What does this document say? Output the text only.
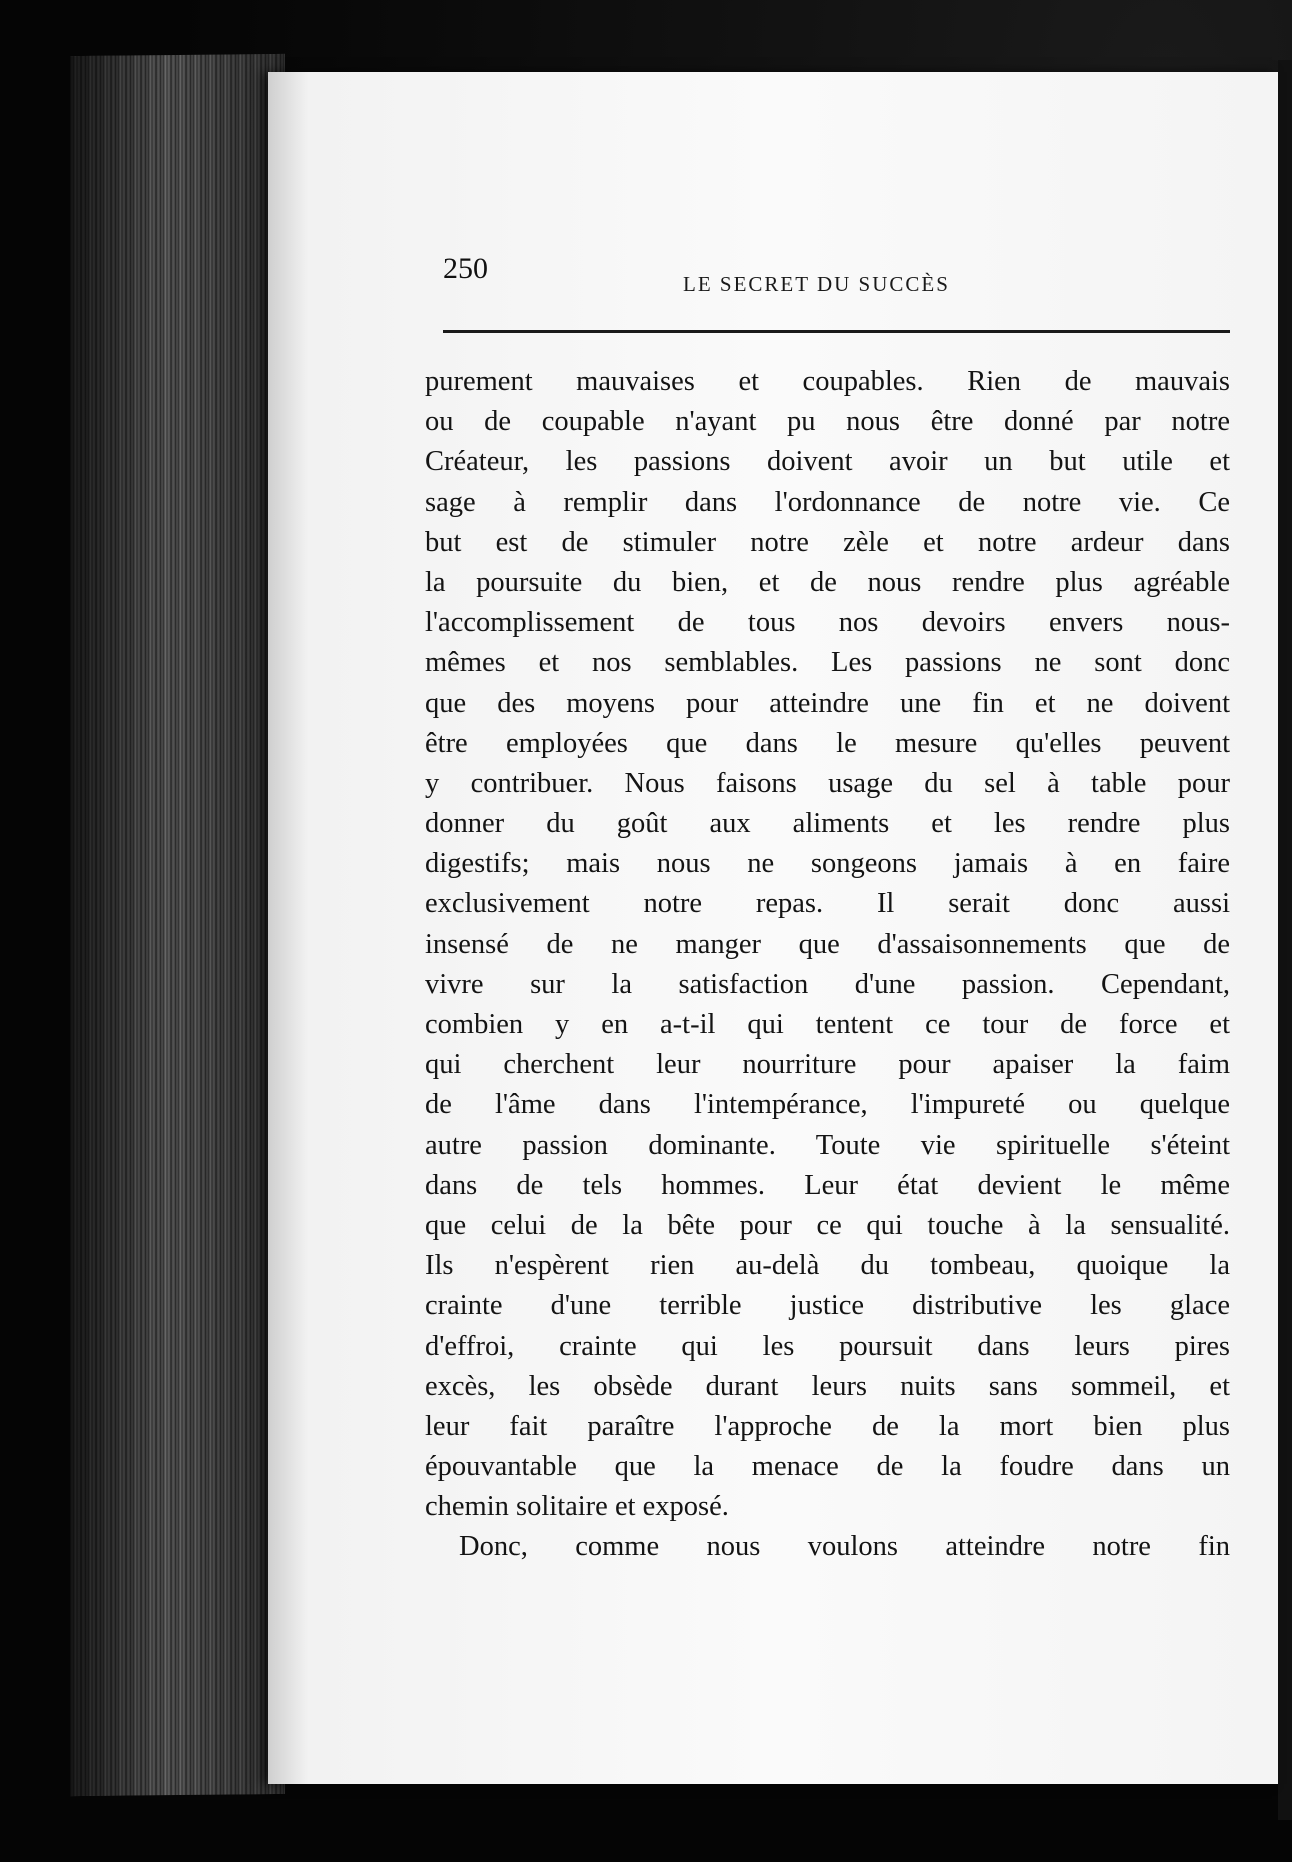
250	LE SECRET DU SUCCÈS
purement mauvaises et coupables. Rien de mauvais
ou de coupable n'ayant pu nous être donné par notre
Créateur, les passions doivent avoir un but utile et
sage à remplir dans l'ordonnance de notre vie. Ce
but est de stimuler notre zèle et notre ardeur dans
la poursuite du bien, et de nous rendre plus agréable
l'accomplissement de tous nos devoirs envers nous-
mêmes et nos semblables. Les passions ne sont donc
que des moyens pour atteindre une fin et ne doivent
être employées que dans le mesure qu'elles peuvent
y contribuer. Nous faisons usage du sel à table pour
donner du goût aux aliments et les rendre plus
digestifs; mais nous ne songeons jamais à en faire
exclusivement notre repas. Il serait donc aussi
insensé de ne manger que d'assaisonnements que de
vivre sur la satisfaction d'une passion. Cependant,
combien y en a-t-il qui tentent ce tour de force et
qui cherchent leur nourriture pour apaiser la faim
de l'âme dans l'intempérance, l'impureté ou quelque
autre passion dominante. Toute vie spirituelle s'éteint
dans de tels hommes. Leur état devient le même
que celui de la bête pour ce qui touche à la sensualité.
Ils n'espèrent rien au-delà du tombeau, quoique la
crainte d'une terrible justice distributive les glace
d'effroi, crainte qui les poursuit dans leurs pires
excès, les obsède durant leurs nuits sans sommeil, et
leur fait paraître l'approche de la mort bien plus
épouvantable que la menace de la foudre dans un
chemin solitaire et exposé.
Donc, comme nous voulons atteindre notre fin
